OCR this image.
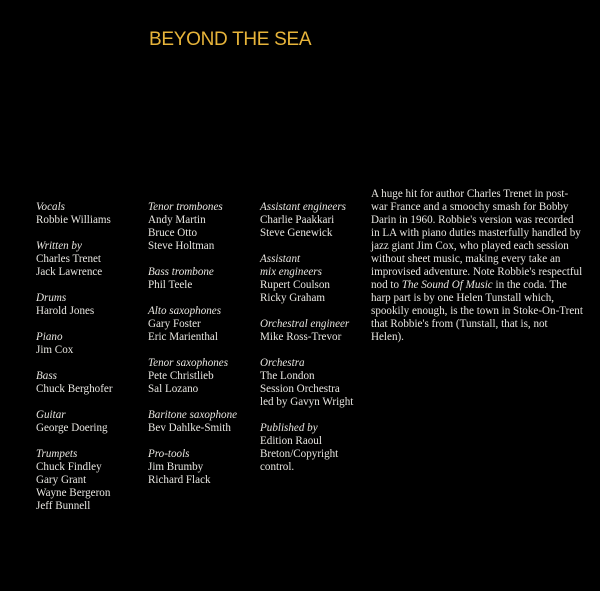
BEYOND THE SEA
Vocals
Robbie Williams
Written by
Charles Trenet
Jack Lawrence
Drums
Harold Jones
Piano
Jim Cox
Bass
Chuck Berghofer
Guitar
George Doering
Trumpets
Chuck Findley
Gary Grant
Wayne Bergeron
Jeff Bunnell
Tenor trombones
Andy Martin
Bruce Otto
Steve Holtman
Bass trombone
Phil Teele
Alto saxophones
Gary Foster
Eric Marienthal
Tenor saxophones
Pete Christlieb
Sal Lozano
Baritone saxophone
Bev Dahlke-Smith
Pro-tools
Jim Brumby
Richard Flack
Assistant engineers
Charlie Paakkari
Steve Genewick
Assistant
mix engineers
Rupert Coulson
Ricky Graham
Orchestral engineer
Mike Ross-Trevor
Orchestra
The London
Session Orchestra
led by Gavyn Wright
Published by
Edition Raoul
Breton/Copyright
control.
A huge hit for author Charles Trenet in post-war France and a smoochy smash for Bobby Darin in 1960. Robbie's version was recorded in LA with piano duties masterfully handled by jazz giant Jim Cox, who played each session without sheet music, making every take an improvised adventure. Note Robbie's respectful nod to The Sound Of Music in the coda. The harp part is by one Helen Tunstall which, spookily enough, is the town in Stoke-On-Trent that Robbie's from (Tunstall, that is, not Helen).
